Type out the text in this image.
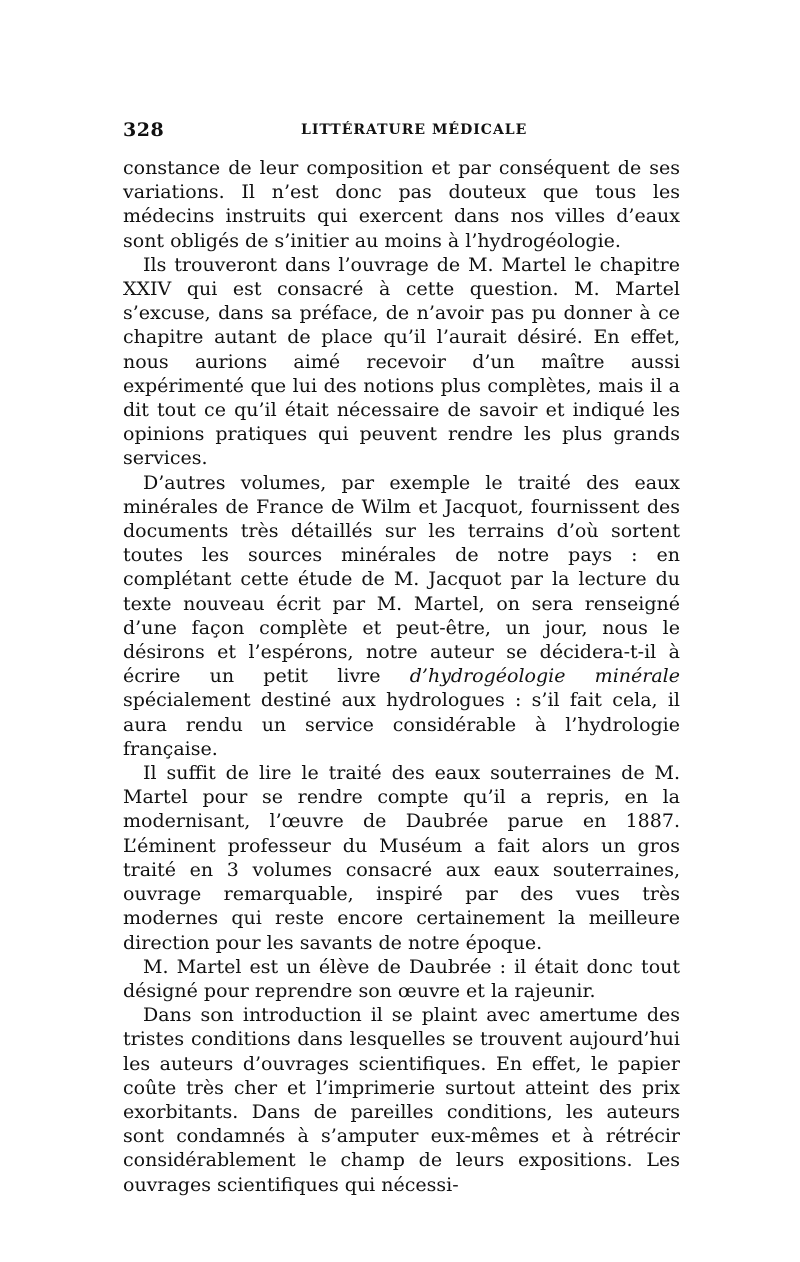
328	LITTÉRATURE MÉDICALE

constance de leur composition et par conséquent de ses variations. Il n’est donc pas douteux que tous les médecins instruits qui exercent dans nos villes d’eaux sont obligés de s’initier au moins à l’hydrogéologie.

Ils trouveront dans l’ouvrage de M. Martel le chapitre XXIV qui est consacré à cette question. M. Martel s’excuse, dans sa préface, de n’avoir pas pu donner à ce chapitre autant de place qu’il l’aurait désiré. En effet, nous aurions aimé recevoir d’un maître aussi expérimenté que lui des notions plus complètes, mais il a dit tout ce qu’il était nécessaire de savoir et indiqué les opinions pratiques qui peuvent rendre les plus grands services.

D’autres volumes, par exemple le traité des eaux minérales de France de Wilm et Jacquot, fournissent des documents très détaillés sur les terrains d’où sortent toutes les sources minérales de notre pays : en complétant cette étude de M. Jacquot par la lecture du texte nouveau écrit par M. Martel, on sera renseigné d’une façon complète et peut-être, un jour, nous le désirons et l’espérons, notre auteur se décidera-t-il à écrire un petit livre d’hydrogéologie minérale spécialement destiné aux hydrologues : s’il fait cela, il aura rendu un service considérable à l’hydrologie française.

Il suffit de lire le traité des eaux souterraines de M. Martel pour se rendre compte qu’il a repris, en la modernisant, l’œuvre de Daubrée parue en 1887. L’éminent professeur du Muséum a fait alors un gros traité en 3 volumes consacré aux eaux souterraines, ouvrage remarquable, inspiré par des vues très modernes qui reste encore certainement la meilleure direction pour les savants de notre époque.

M. Martel est un élève de Daubrée : il était donc tout désigné pour reprendre son œuvre et la rajeunir.

Dans son introduction il se plaint avec amertume des tristes conditions dans lesquelles se trouvent aujourd’hui les auteurs d’ouvrages scientifiques. En effet, le papier coûte très cher et l’imprimerie surtout atteint des prix exorbitants. Dans de pareilles conditions, les auteurs sont condamnés à s’amputer eux-mêmes et à rétrécir considérablement le champ de leurs expositions. Les ouvrages scientifiques qui nécessi-
